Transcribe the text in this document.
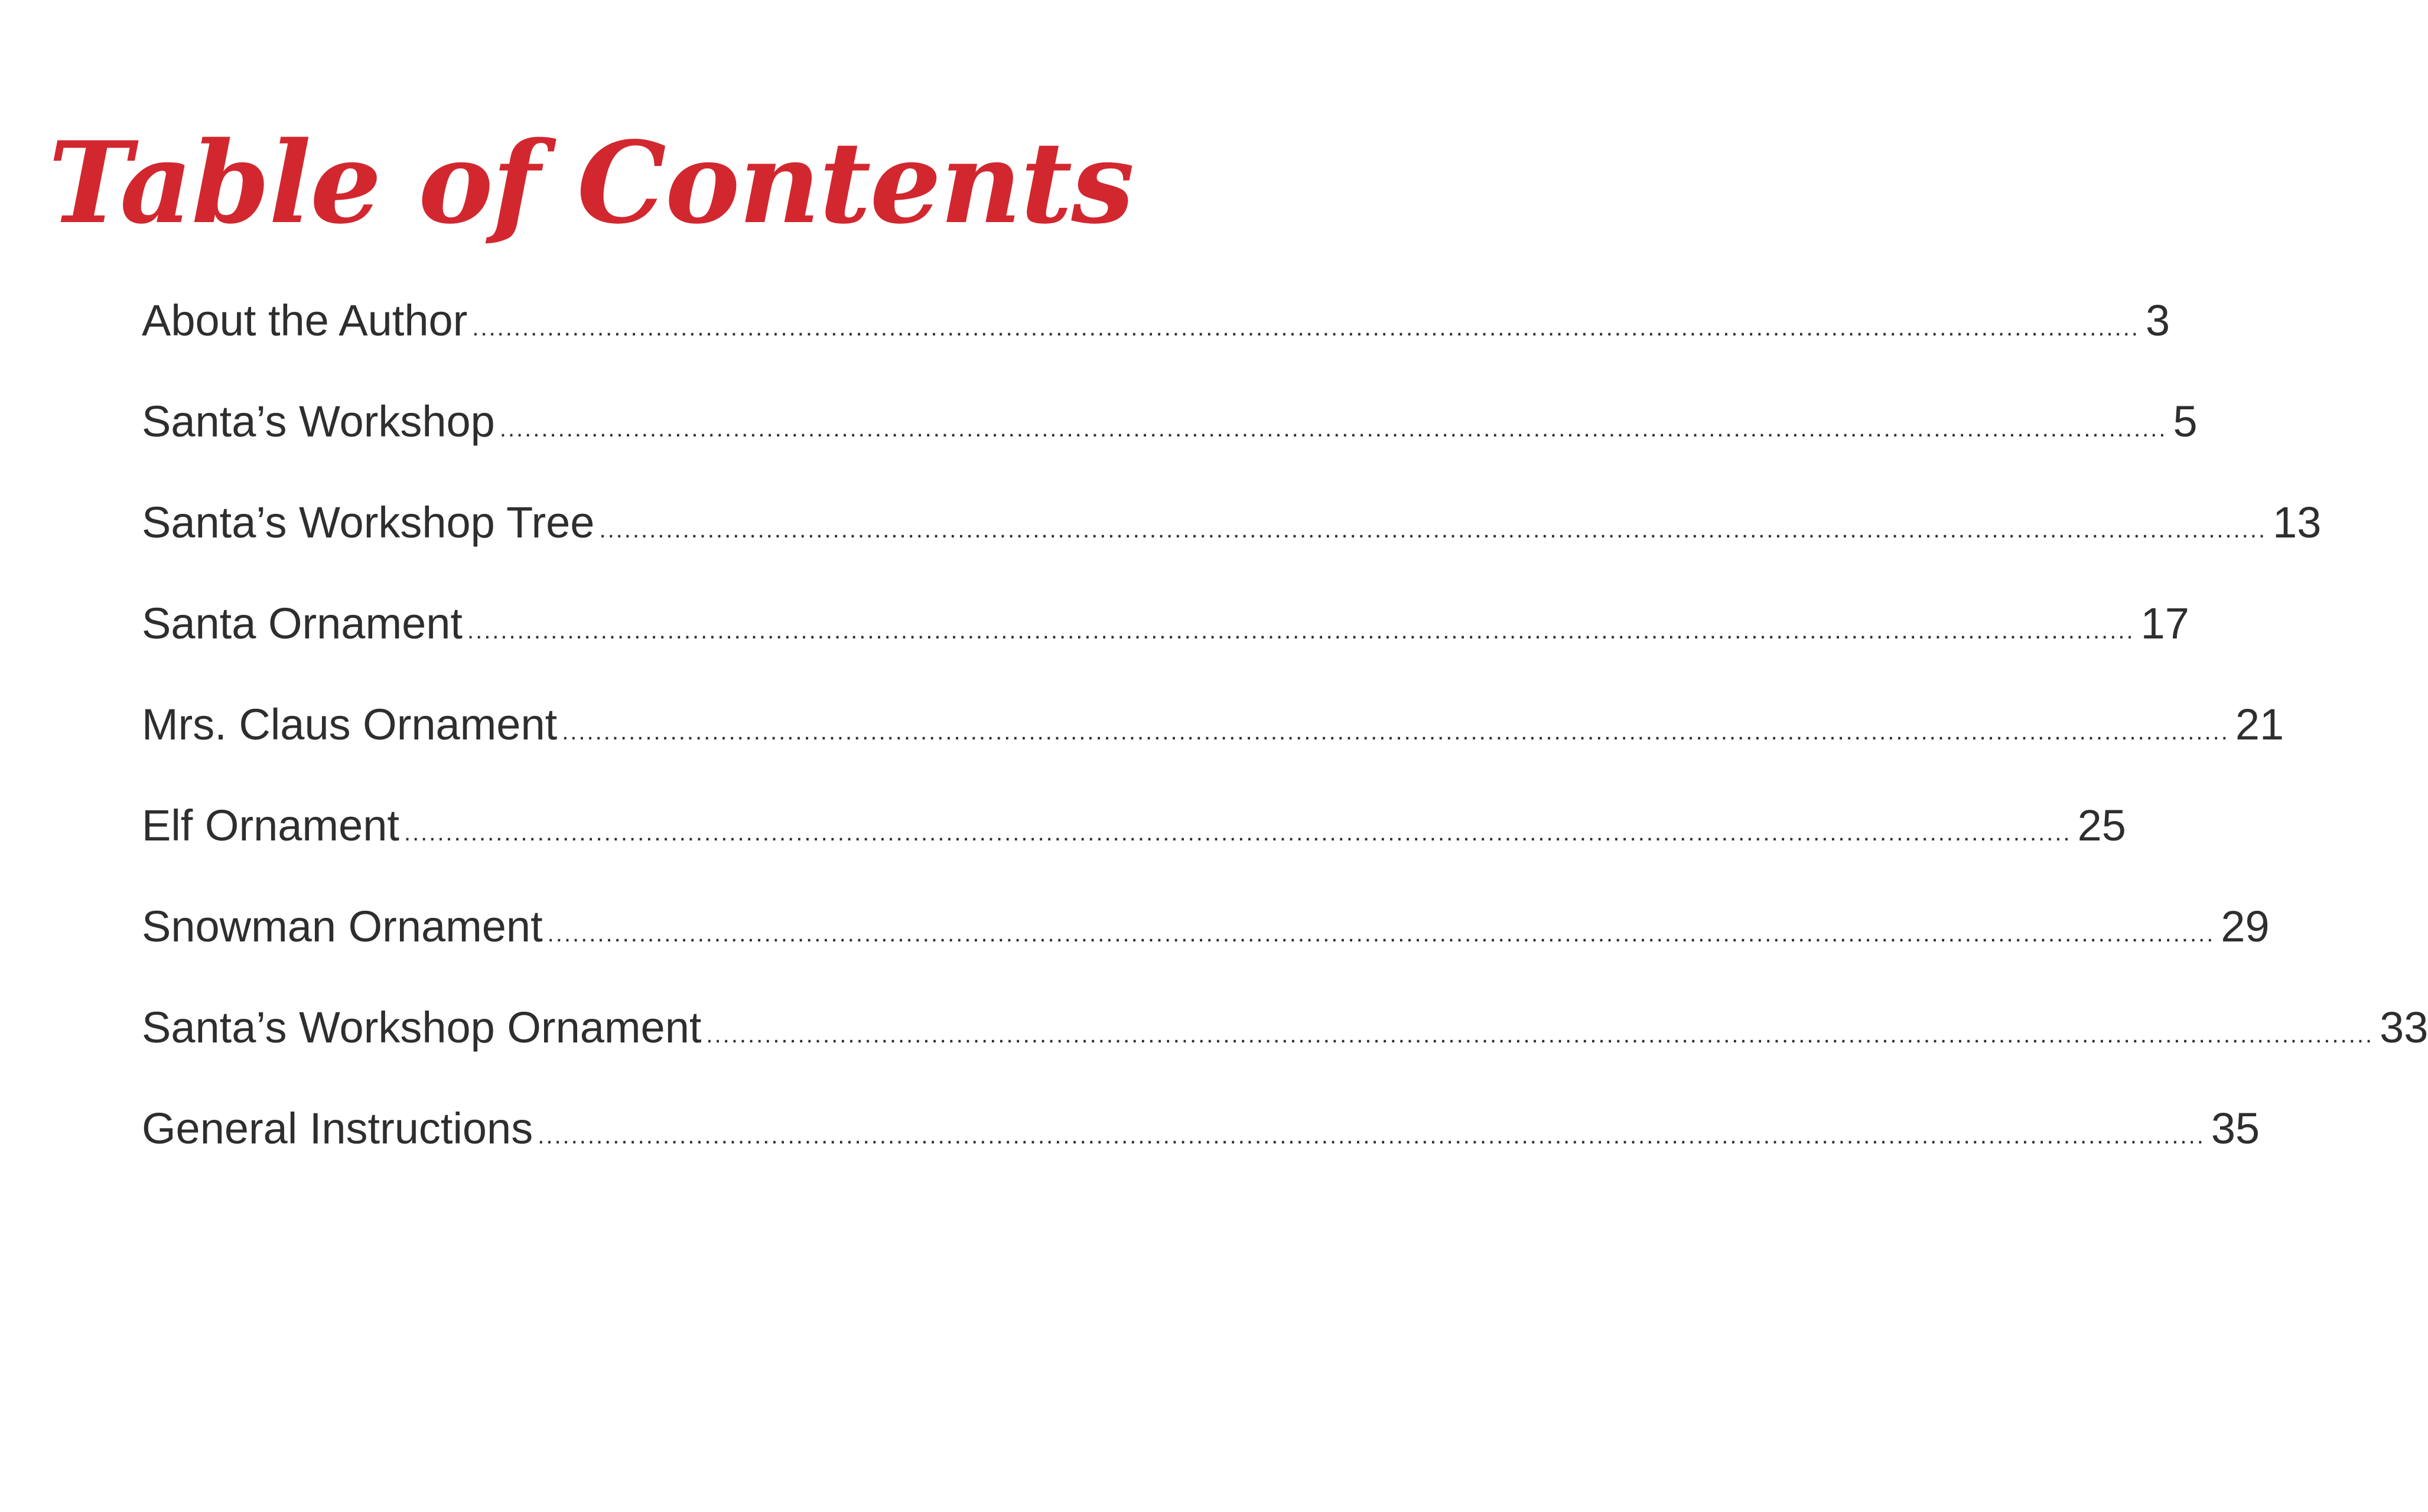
Table of Contents
About the Author ........................................................................................................................................................................................................ 3
Santa’s Workshop ........................................................................................................................................................................................................ 5
Santa’s Workshop Tree ........................................................................................................................................................................................................ 13
Santa Ornament ........................................................................................................................................................................................................ 17
Mrs. Claus Ornament ........................................................................................................................................................................................................ 21
Elf Ornament ........................................................................................................................................................................................................ 25
Snowman Ornament ........................................................................................................................................................................................................ 29
Santa’s Workshop Ornament ........................................................................................................................................................................................................ 33
General Instructions ........................................................................................................................................................................................................ 35
